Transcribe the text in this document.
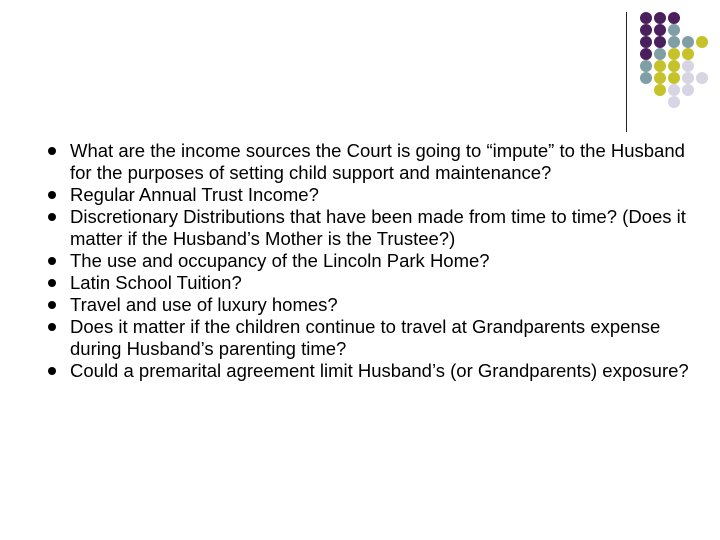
What are the income sources the Court is going to “impute” to the Husband for the purposes of setting child support and maintenance?
Regular Annual Trust Income?
Discretionary Distributions that have been made from time to time? (Does it matter if the Husband’s Mother is the Trustee?)
The use and occupancy of the Lincoln Park Home?
Latin School Tuition?
Travel and use of luxury homes?
Does it matter if the children continue to travel at Grandparents expense during Husband’s parenting time?
Could a premarital agreement limit Husband’s (or Grandparents) exposure?
